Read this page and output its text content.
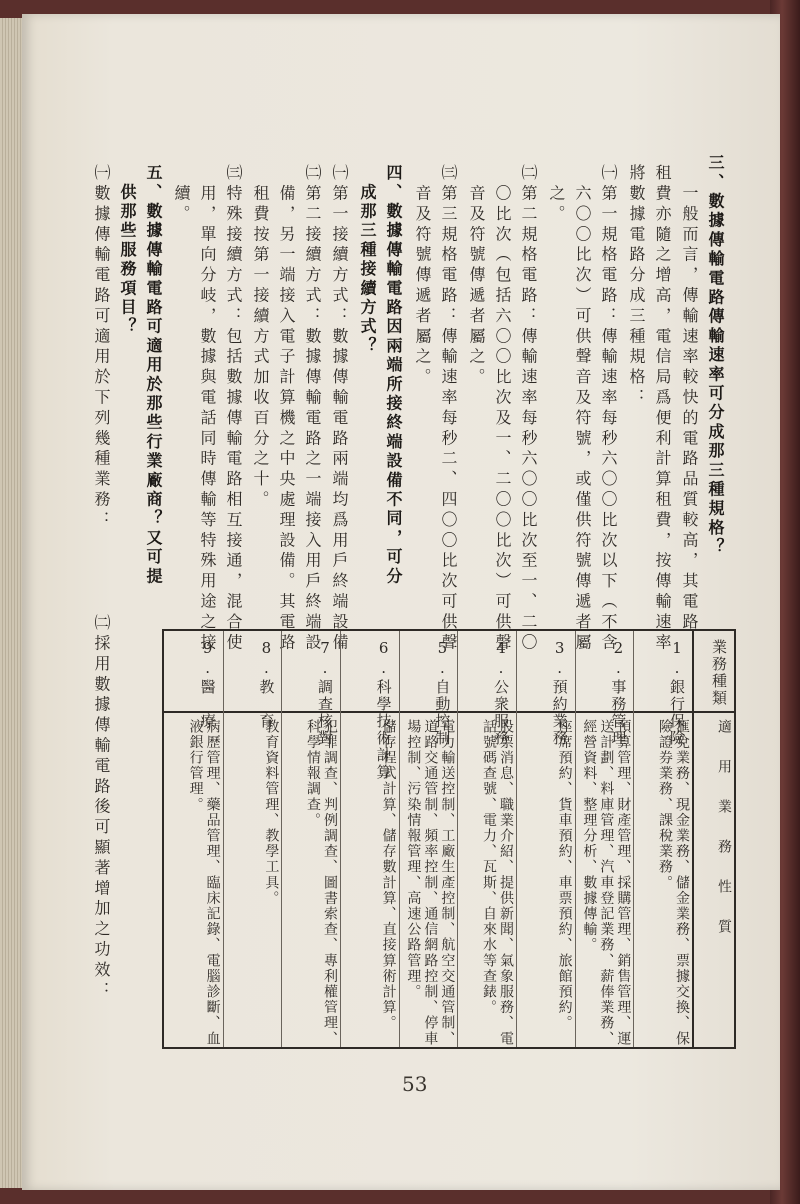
三、數據傳輸電路傳輸速率可分成那三種規格？
　一般而言，傳輸速率較快的電路品質較高，其電路
租費亦隨之增高，電信局爲便利計算租費，按傳輸速率
將數據電路分成三種規格：
㈠第一規格電路：傳輸速率每秒六〇〇比次以下（不含
　六〇〇比次）可供聲音及符號，或僅供符號傳遞者屬
　之。
㈡第二規格電路：傳輸速率每秒六〇〇比次至一、二〇
　〇比次（包括六〇〇比次及一、二〇〇比次）可供聲
　音及符號傳遞者屬之。
㈢第三規格電路：傳輸速率每秒二、四〇〇比次可供聲
　音及符號傳遞者屬之。
四、數據傳輸電路因兩端所接終端設備不同，可分
　成那三種接續方式？
㈠第一接續方式：數據傳輸電路兩端均爲用戶終端設備
㈡第二接續方式：數據傳輸電路之一端接入用戶終端設
　備，另一端接入電子計算機之中央處理設備。其電路
　租費按第一接續方式加收百分之十。
㈢特殊接續方式：包括數據傳輸電路相互接通，混合使
　用，單向分岐，數據與電話同時傳輸等特殊用途之接
　續。
五、數據傳輸電路可適用於那些行業廠商？又可提
　供那些服務項目？
㈠數據傳輸電路可適用於下列幾種業務：
㈡採用數據傳輸電路後可顯著增加之功效：	業務種類
適　用　業　務　性　質
1.銀行保險
滙兌業務、現金業務、儲金業務、票據交換、保險證券業務、課稅業務。
2.事務管理
預算管理、財產管理、採購管理、銷售管理、運送計劃、料庫管理、汽車登記業務、薪俸業務、經營資料、整理分析、數據傳輸。
3.預約業務
座席預約、貨車預約、車票預約、旅館預約。
4.公衆服務
股票消息、職業介紹、提供新聞、氣象服務、電話號碼查號、電力、瓦斯、自來水等查錶。
5.自動控制
電力輸送控制、工廠生產控制、航空交通管制、道路交通管制、頻率控制、通信網路控制、停車場控制、污染情報管理、高速公路管理。
6.科學技術計算
儲存程式計算、儲存數計算、直接算術計算。
7.調查核對
犯罪調查、判例調查、圖書索查、專利權管理、科學情報調查。
8.教　育
教育資料管理、教學工具。
9.醫　療
病歷管理、藥品管理、臨床記錄、電腦診斷、血液銀行管理。
53
